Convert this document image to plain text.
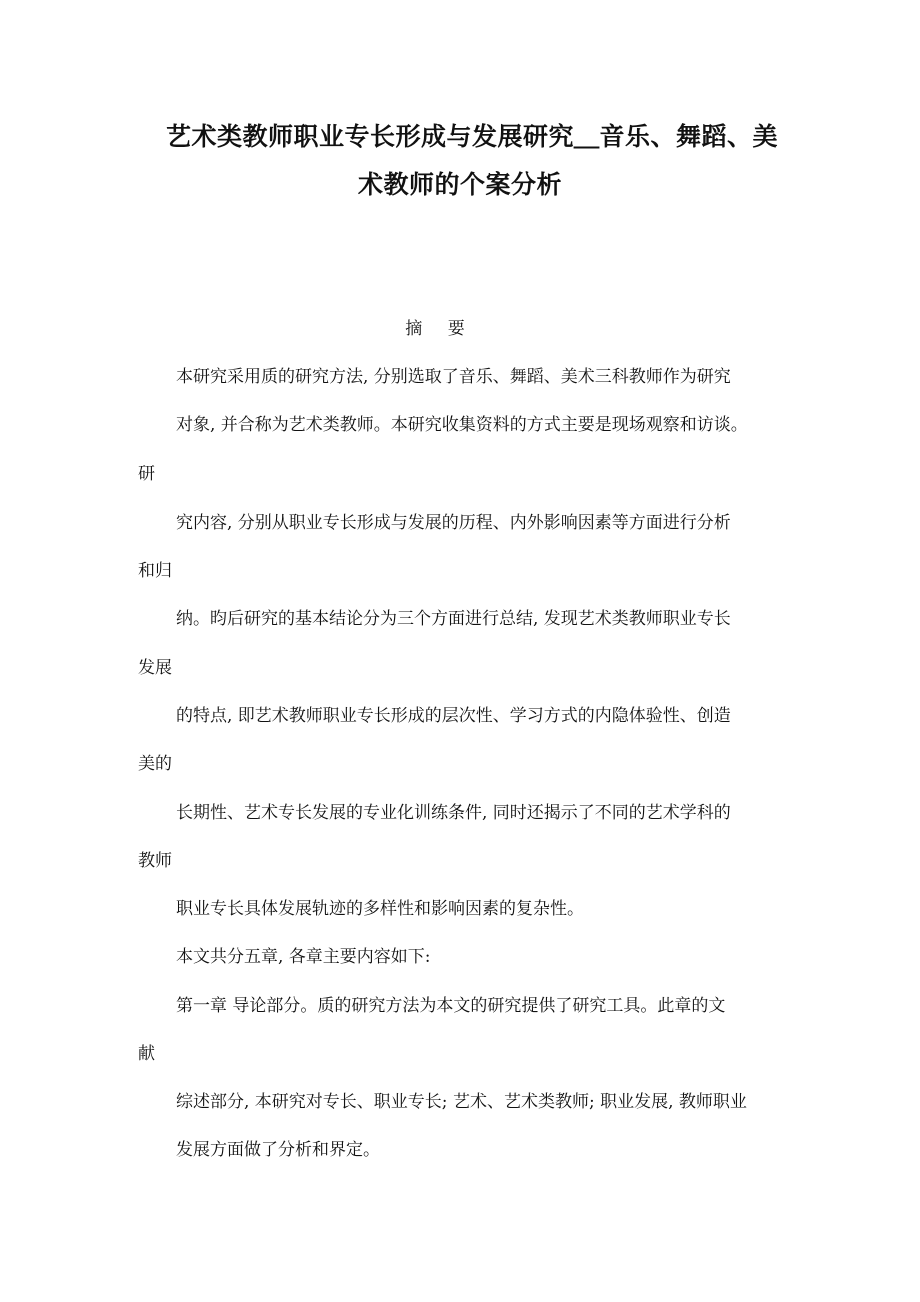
艺术类教师职业专长形成与发展研究＿音乐、舞蹈、美
术教师的个案分析
摘 要
本研究采用质的研究方法, 分别选取了音乐、舞蹈、美术三科教师作为研究
对象, 并合称为艺术类教师。本研究收集资料的方式主要是现场观察和访谈。
研
究内容, 分别从职业专长形成与发展的历程、内外影响因素等方面进行分析
和归
纳。昀后研究的基本结论分为三个方面进行总结, 发现艺术类教师职业专长
发展
的特点, 即艺术教师职业专长形成的层次性、学习方式的内隐体验性、创造
美的
长期性、艺术专长发展的专业化训练条件, 同时还揭示了不同的艺术学科的
教师
职业专长具体发展轨迹的多样性和影响因素的复杂性。
本文共分五章, 各章主要内容如下:
第一章 导论部分。质的研究方法为本文的研究提供了研究工具。此章的文
献
综述部分, 本研究对专长、职业专长; 艺术、艺术类教师; 职业发展, 教师职业
发展方面做了分析和界定。
